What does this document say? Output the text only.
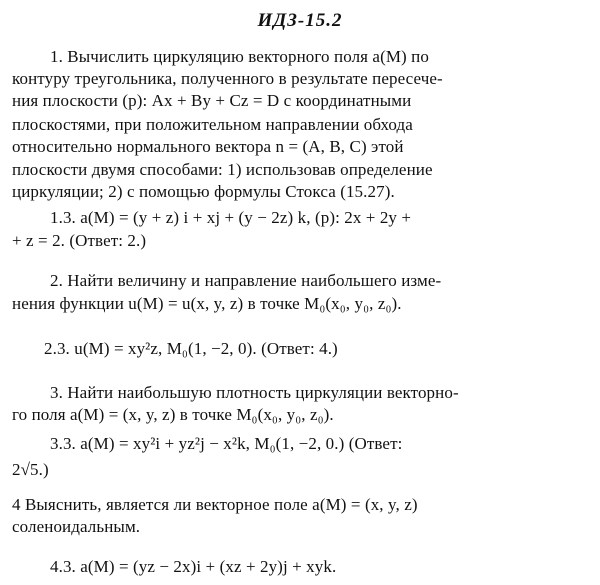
ИДЗ-15.2
1. Вычислить циркуляцию векторного поля a(M) по
контуру треугольника, полученного в результате пересече-
ния плоскости (p): Ax + By + Cz = D с координатными
плоскостями, при положительном направлении обхода
относительно нормального вектора n = (A, B, C) этой
плоскости двумя способами: 1) использовав определение
циркуляции; 2) с помощью формулы Стокса (15.27).
1.3. a(M) = (y + z) i + xj + (y − 2z) k, (p): 2x + 2y +
+ z = 2. (Ответ: 2.)
2. Найти величину и направление наибольшего изме-
нения функции u(M) = u(x, y, z) в точке M₀(x₀, y₀, z₀).
2.3. u(M) = xy²z, M₀(1, −2, 0). (Ответ: 4.)
3. Найти наибольшую плотность циркуляции векторно-
го поля a(M) = (x, y, z) в точке M₀(x₀, y₀, z₀).
3.3. a(M) = xy²i + yz²j − x²k, M₀(1, −2, 0.) (Ответ:
2√5.)
4 Выяснить, является ли векторное поле a(M) = (x, y, z)
соленоидальным.
4.3. a(M) = (yz − 2x)i + (xz + 2y)j + xyk.
